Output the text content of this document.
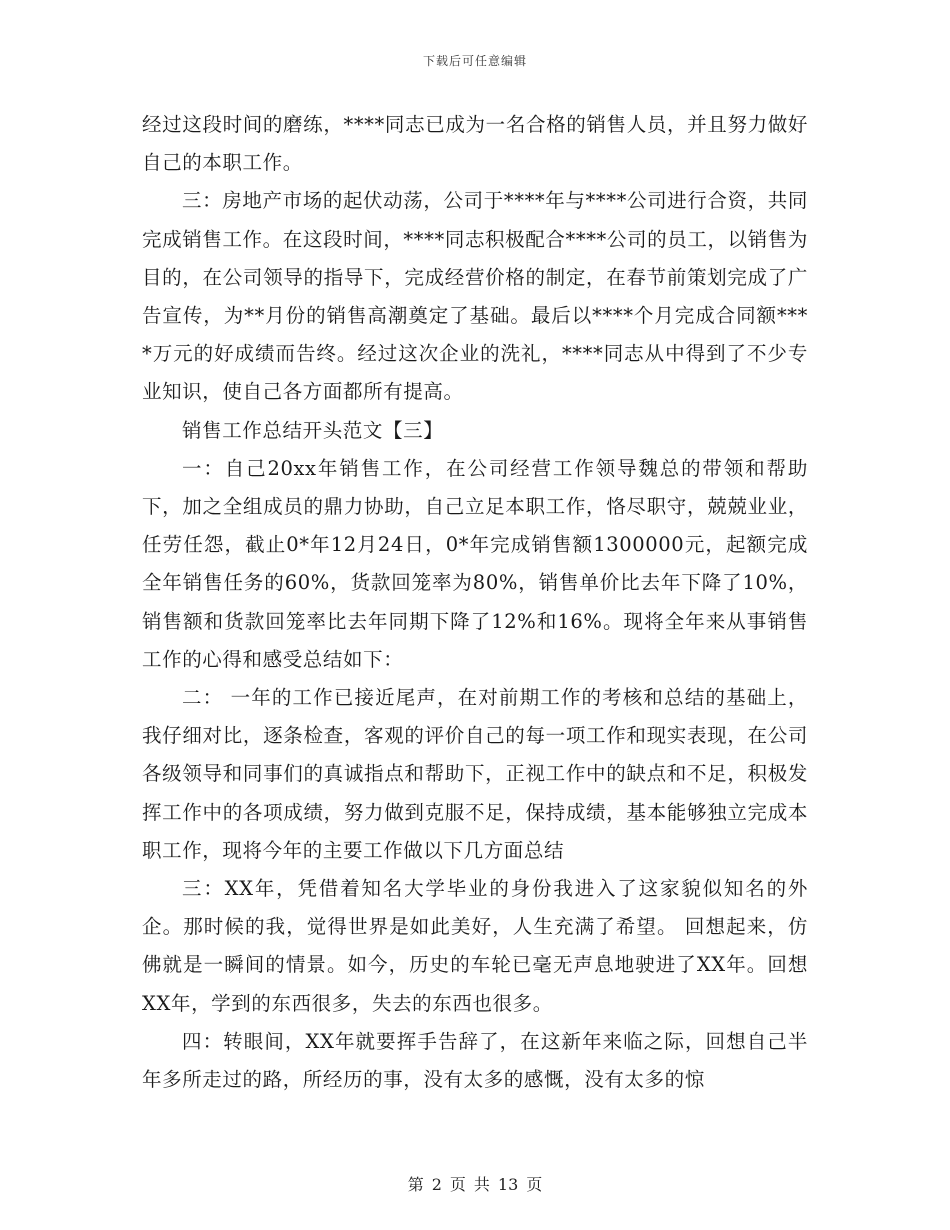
下载后可任意编辑

经过这段时间的磨练，****同志已成为一名合格的销售人员，并且努力做好自己的本职工作。

三：房地产市场的起伏动荡，公司于****年与****公司进行合资，共同完成销售工作。在这段时间，****同志积极配合****公司的员工，以销售为目的，在公司领导的指导下，完成经营价格的制定，在春节前策划完成了广告宣传，为**月份的销售高潮奠定了基础。最后以****个月完成合同额****万元的好成绩而告终。经过这次企业的洗礼，****同志从中得到了不少专业知识，使自己各方面都所有提高。

销售工作总结开头范文【三】

一：自己20xx年销售工作，在公司经营工作领导魏总的带领和帮助下，加之全组成员的鼎力协助，自己立足本职工作，恪尽职守，兢兢业业，任劳任怨，截止0*年12月24日，0*年完成销售额1300000元，起额完成全年销售任务的60%，货款回笼率为80%，销售单价比去年下降了10%，销售额和货款回笼率比去年同期下降了12%和16%。现将全年来从事销售工作的心得和感受总结如下：

二： 一年的工作已接近尾声，在对前期工作的考核和总结的基础上，我仔细对比，逐条检查，客观的评价自己的每一项工作和现实表现，在公司各级领导和同事们的真诚指点和帮助下，正视工作中的缺点和不足，积极发挥工作中的各项成绩，努力做到克服不足，保持成绩，基本能够独立完成本职工作，现将今年的主要工作做以下几方面总结

三：XX年，凭借着知名大学毕业的身份我进入了这家貌似知名的外企。那时候的我，觉得世界是如此美好，人生充满了希望。 回想起来，仿佛就是一瞬间的情景。如今，历史的车轮已毫无声息地驶进了XX年。回想XX年，学到的东西很多，失去的东西也很多。

四：转眼间，XX年就要挥手告辞了，在这新年来临之际，回想自己半年多所走过的路，所经历的事，没有太多的感慨，没有太多的惊

第 2 页 共 13 页
